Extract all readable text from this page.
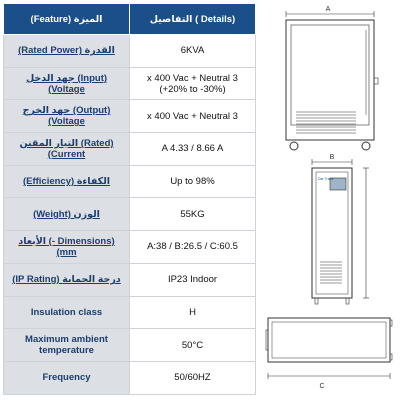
(Feature) الميزة	التفاصيل ( Details)
(Rated Power) القدرة	6KVA
جهد الدخل (Input) (Voltage	x 400 Vac + Neutral 3 (+20% to -30%)
جهد الخرج (Output) (Voltage	x 400 Vac + Neutral 3
التيار المقنن (Rated) (Current	A 4.33 / 8.66 A
(Efficiency) الكفاءة	Up to 98%
(Weight) الوزن	55KG
الأبعاد (- Dimensions) (mm	A:38 / B:26.5 / C:60.5
(IP Rating) درجة الحماية	IP23 Indoor
Insulation class	H
Maximum ambient temperature	50°C
Frequency	50/60HZ
A
B
C
Dar Trans
